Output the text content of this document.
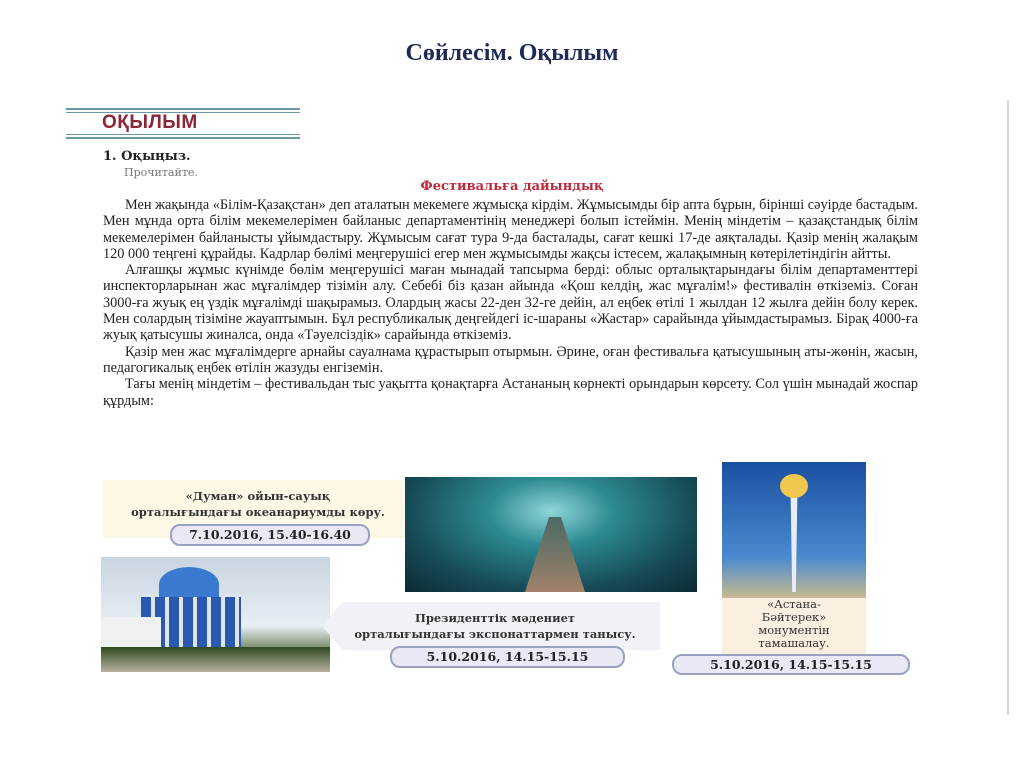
Сөйлесім. Оқылым
ОҚЫЛЫМ
1. Оқыңыз.
Прочитайте.
Фестивальға дайындық

Мен жақында «Білім-Қазақстан» деп аталатын мекемеге жұмысқа кірдім. Жұмысымды бір апта бұрын, бірінші сәуірде бастадым. Мен мұнда орта білім мекемелерімен байланыс департаментінің менеджері болып істеймін. Менің міндетім – қазақстандық білім мекемелерімен байланысты ұйымдастыру. Жұмысым сағат тура 9-да басталады, сағат кешкі 17-де аяқталады. Қазір менің жалақым 120 000 теңгені құрайды. Кадрлар бөлімі меңгерушісі егер мен жұмысымды жақсы істесем, жалақымның көтерілетіндігін айтты.

Алғашқы жұмыс күнімде бөлім меңгерушісі маған мынадай тапсырма берді: облыс орталықтарындағы білім департаменттері инспекторларынан жас мұғалімдер тізімін алу. Себебі біз қазан айында «Қош келдің, жас мұғалім!» фестивалін өткіземіз. Соған 3000-ға жуық ең үздік мұғалімді шақырамыз. Олардың жасы 22-ден 32-ге дейін, ал еңбек өтілі 1 жылдан 12 жылға дейін болу керек. Мен солардың тізіміне жауаптымын. Бұл республикалық деңгейдегі іс-шараны «Жастар» сарайында ұйымдастырамыз. Бірақ 4000-ға жуық қатысушы жиналса, онда «Тәуелсіздік» сарайында өткіземіз.

Қазір мен жас мұғалімдерге арнайы сауалнама құрастырып отырмын. Әрине, оған фестивальға қатысушының аты-жөнін, жасын, педагогикалық еңбек өтілін жазуды енгіземін.

Тағы менің міндетім – фестивальдан тыс уақытта қонақтарға Астананың көрнекті орындарын көрсету. Сол үшін мынадай жоспар құрдым:

«Думан» ойын-сауық
орталығындағы океанариумды көру.
7.10.2016, 15.40-16.40
«Астана-
Бәйтерек»
монументін
тамашалау.
5.10.2016, 14.15-15.15
Президенттік мәдениет
орталығындағы экспонаттармен танысу.
5.10.2016, 14.15-15.15
